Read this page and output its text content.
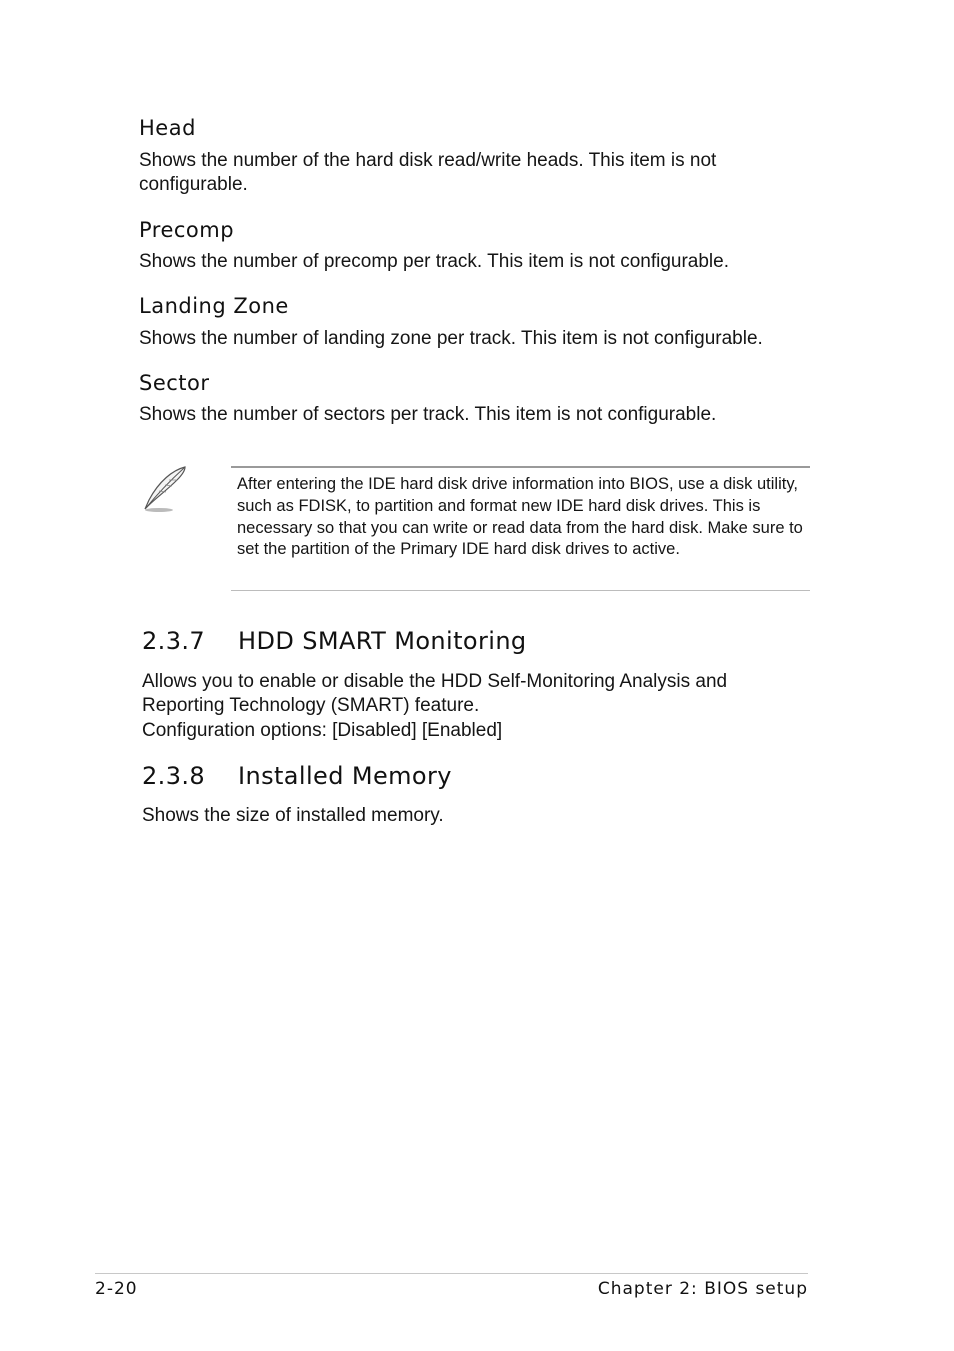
Head
Shows the number of the hard disk read/write heads. This item is not configurable.
Precomp
Shows the number of precomp per track. This item is not configurable.
Landing Zone
Shows the number of landing zone per track. This item is not configurable.
Sector
Shows the number of sectors per track. This item is not configurable.
After entering the IDE hard disk drive information into BIOS, use a disk utility, such as FDISK, to partition and format new IDE hard disk drives. This is necessary so that you can write or read data from the hard disk. Make sure to set the partition of the Primary IDE hard disk drives to active.
2.3.7 HDD SMART Monitoring
Allows you to enable or disable the HDD Self-Monitoring Analysis and Reporting Technology (SMART) feature.
Configuration options: [Disabled] [Enabled]
2.3.8 Installed Memory
Shows the size of installed memory.
2-20	Chapter 2: BIOS setup
